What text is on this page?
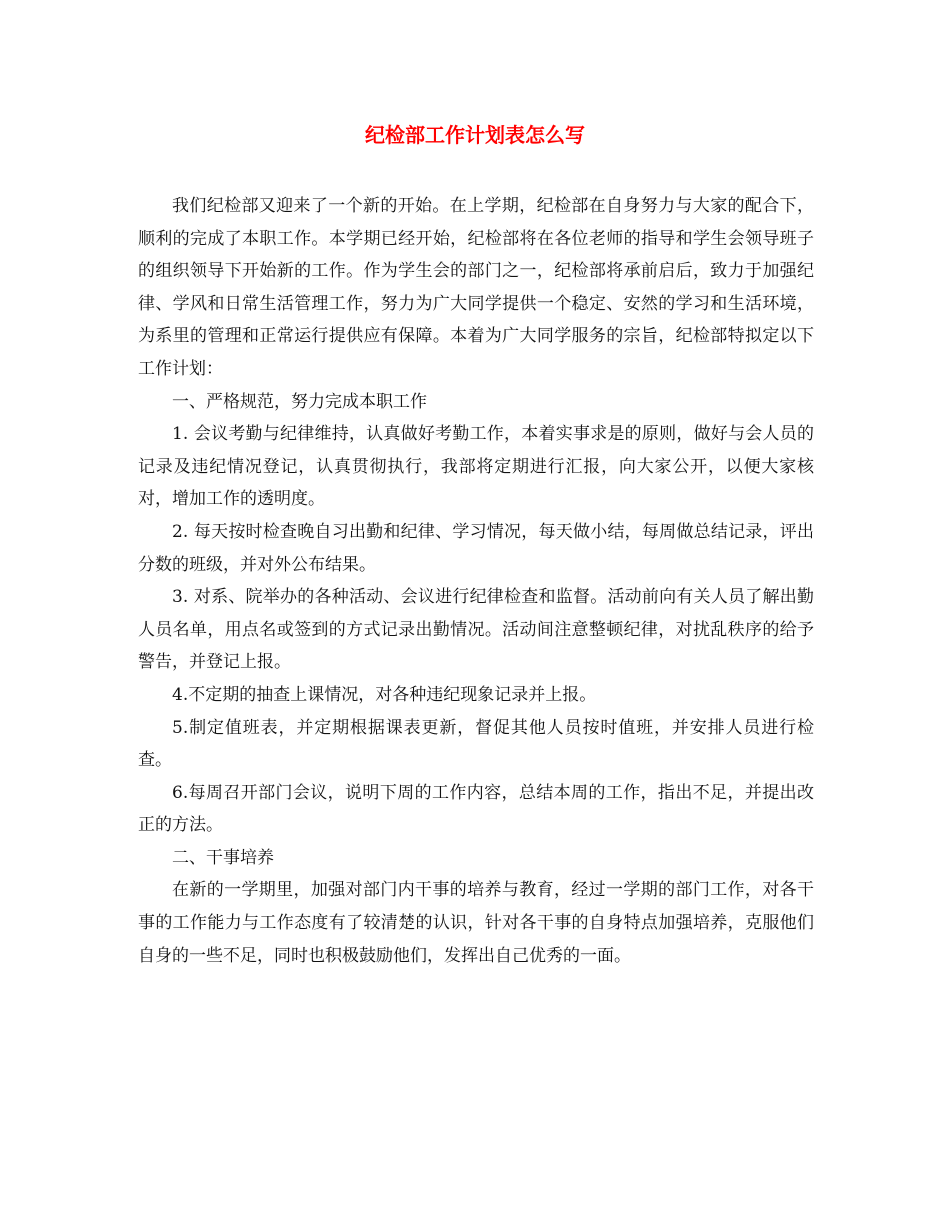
纪检部工作计划表怎么写

我们纪检部又迎来了一个新的开始。在上学期，纪检部在自身努力与大家的配合下，顺利的完成了本职工作。本学期已经开始，纪检部将在各位老师的指导和学生会领导班子的组织领导下开始新的工作。作为学生会的部门之一，纪检部将承前启后，致力于加强纪律、学风和日常生活管理工作，努力为广大同学提供一个稳定、安然的学习和生活环境，为系里的管理和正常运行提供应有保障。本着为广大同学服务的宗旨，纪检部特拟定以下工作计划：

一、严格规范，努力完成本职工作

1. 会议考勤与纪律维持，认真做好考勤工作，本着实事求是的原则，做好与会人员的记录及违纪情况登记，认真贯彻执行，我部将定期进行汇报，向大家公开，以便大家核对，增加工作的透明度。

2. 每天按时检查晚自习出勤和纪律、学习情况，每天做小结，每周做总结记录，评出分数的班级，并对外公布结果。

3. 对系、院举办的各种活动、会议进行纪律检查和监督。活动前向有关人员了解出勤人员名单，用点名或签到的方式记录出勤情况。活动间注意整顿纪律，对扰乱秩序的给予警告，并登记上报。

4.不定期的抽查上课情况，对各种违纪现象记录并上报。

5.制定值班表，并定期根据课表更新，督促其他人员按时值班，并安排人员进行检查。

6.每周召开部门会议，说明下周的工作内容，总结本周的工作，指出不足，并提出改正的方法。

二、干事培养

在新的一学期里，加强对部门内干事的培养与教育，经过一学期的部门工作，对各干事的工作能力与工作态度有了较清楚的认识，针对各干事的自身特点加强培养，克服他们自身的一些不足，同时也积极鼓励他们，发挥出自己优秀的一面。
